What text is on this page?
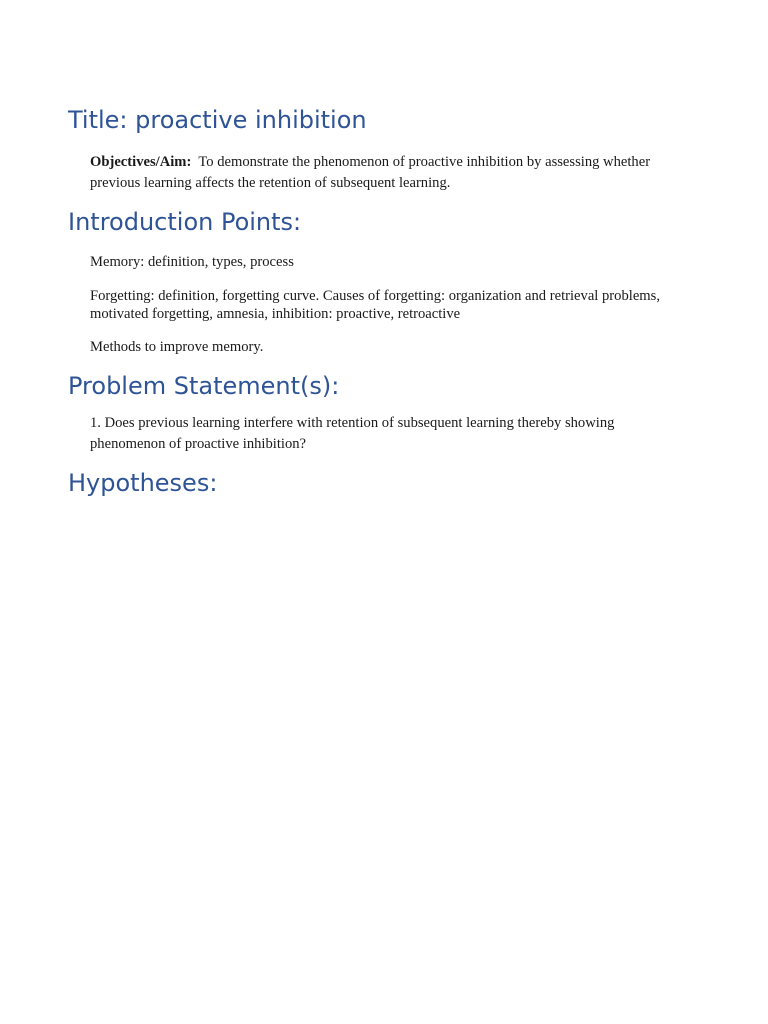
Title: proactive inhibition

Objectives/Aim: To demonstrate the phenomenon of proactive inhibition by assessing whether previous learning affects the retention of subsequent learning.

Introduction Points:

Memory: definition, types, process

Forgetting: definition, forgetting curve. Causes of forgetting: organization and retrieval problems, motivated forgetting, amnesia, inhibition: proactive, retroactive

Methods to improve memory.

Problem Statement(s):

1. Does previous learning interfere with retention of subsequent learning thereby showing phenomenon of proactive inhibition?

Hypotheses:
